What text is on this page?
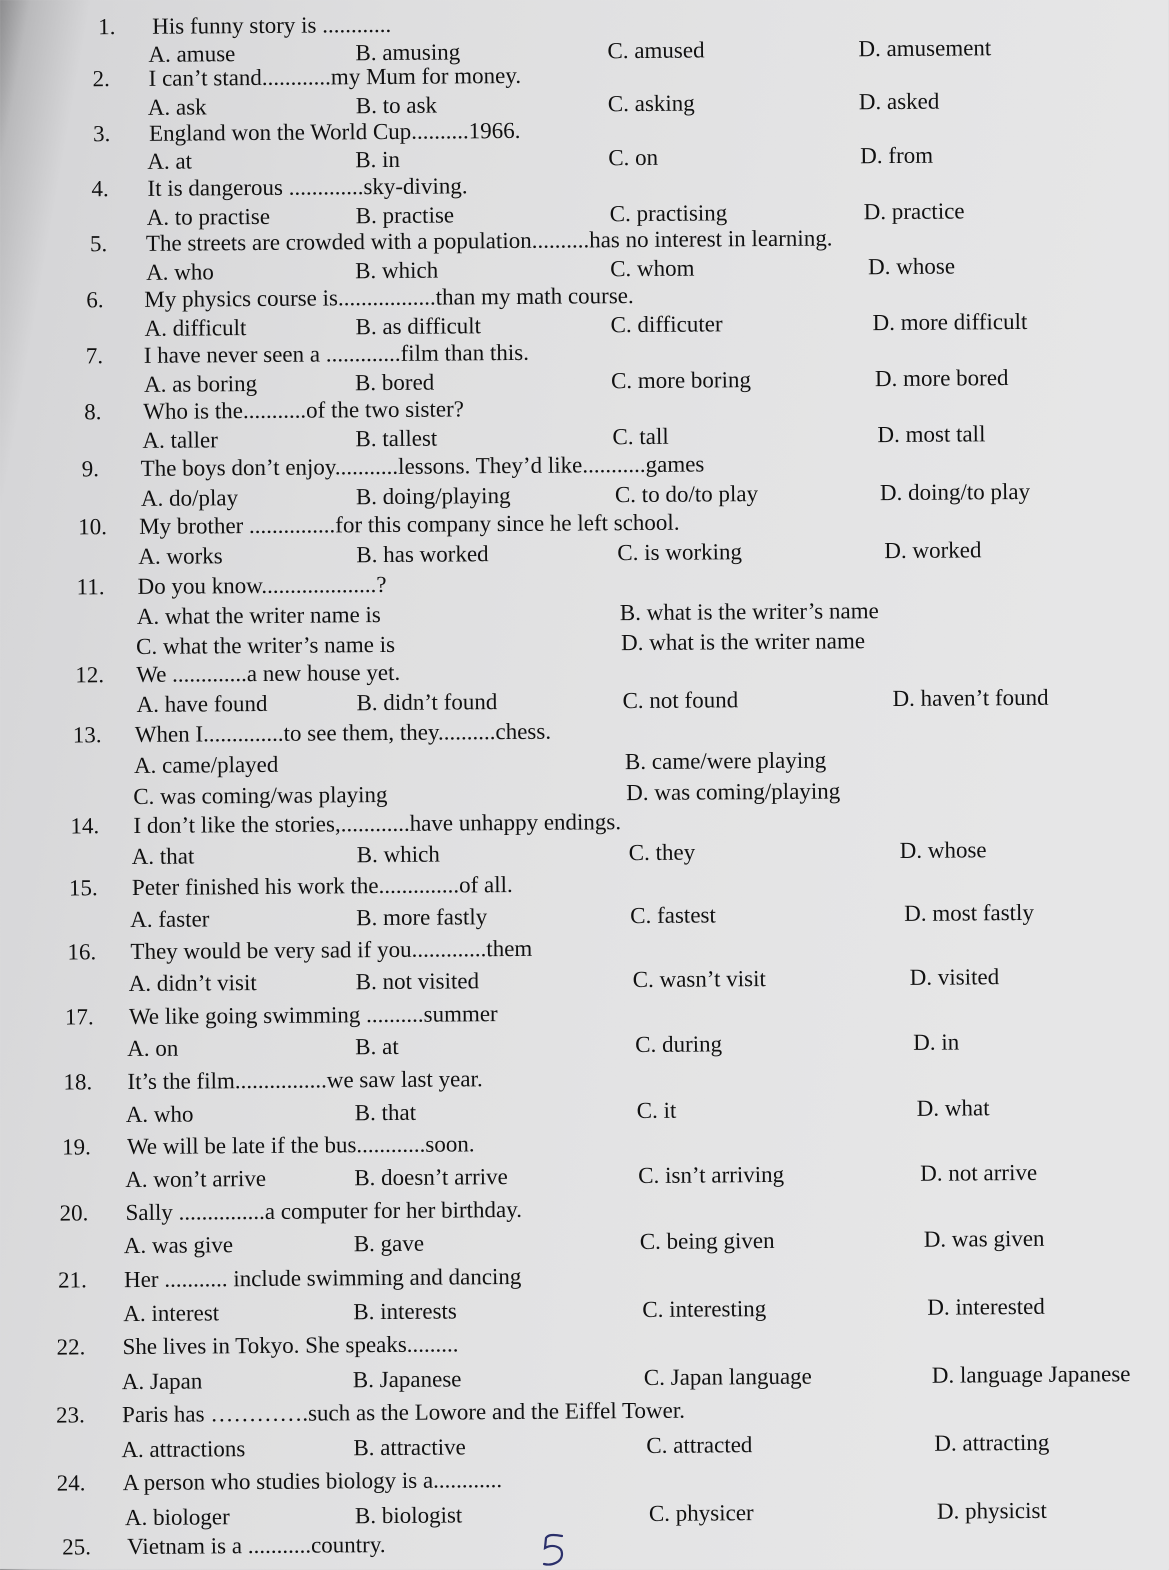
1. His funny story is ............
A. amuse	B. amusing	C. amused	D. amusement
2. I can’t stand............my Mum for money.
A. ask	B. to ask	C. asking	D. asked
3. England won the World Cup..........1966.
A. at	B. in	C. on	D. from
4. It is dangerous .............sky-diving.
A. to practise	B. practise	C. practising	D. practice
5. The streets are crowded with a population..........has no interest in learning.
A. who	B. which	C. whom	D. whose
6. My physics course is.................than my math course.
A. difficult	B. as difficult	C. difficuter	D. more difficult
7. I have never seen a .............film than this.
A. as boring	B. bored	C. more boring	D. more bored
8. Who is the...........of the two sister?
A. taller	B. tallest	C. tall	D. most tall
9. The boys don’t enjoy...........lessons. They’d like...........games
A. do/play	B. doing/playing	C. to do/to play	D. doing/to play
10. My brother ...............for this company since he left school.
A. works	B. has worked	C. is working	D. worked
11. Do you know....................?
A. what the writer name is	B. what is the writer’s name
C. what the writer’s name is	D. what is the writer name
12. We .............a new house yet.
A. have found	B. didn’t found	C. not found	D. haven’t found
13. When I..............to see them, they..........chess.
A. came/played	B. came/were playing
C. was coming/was playing	D. was coming/playing
14. I don’t like the stories,............have unhappy endings.
A. that	B. which	C. they	D. whose
15. Peter finished his work the..............of all.
A. faster	B. more fastly	C. fastest	D. most fastly
16. They would be very sad if you.............them
A. didn’t visit	B. not visited	C. wasn’t visit	D. visited
17. We like going swimming ..........summer
A. on	B. at	C. during	D. in
18. It’s the film................we saw last year.
A. who	B. that	C. it	D. what
19. We will be late if the bus............soon.
A. won’t arrive	B. doesn’t arrive	C. isn’t arriving	D. not arrive
20. Sally ...............a computer for her birthday.
A. was give	B. gave	C. being given	D. was given
21. Her ........... include swimming and dancing
A. interest	B. interests	C. interesting	D. interested
22. She lives in Tokyo. She speaks.........
A. Japan	B. Japanese	C. Japan language	D. language Japanese
23. Paris has ………….such as the Lowore and the Eiffel Tower.
A. attractions	B. attractive	C. attracted	D. attracting
24. A person who studies biology is a............
A. biologer	B. biologist	C. physicer	D. physicist
25. Vietnam is a ...........country.
